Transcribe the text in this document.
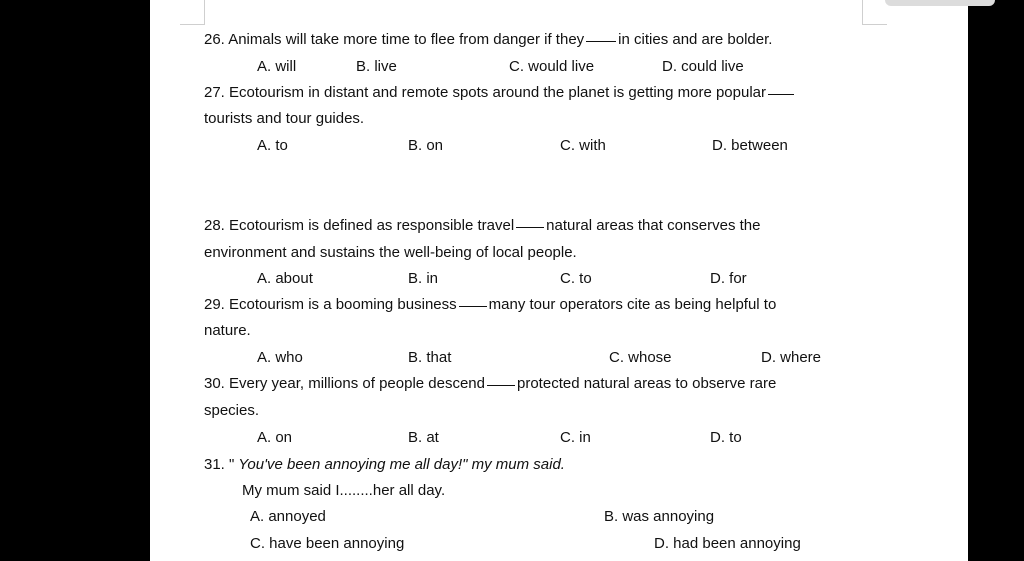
26. Animals will take more time to flee from danger if they in cities and are bolder.
A. will	B. live	C. would live	D. could live
27. Ecotourism in distant and remote spots around the planet is getting more popular
tourists and tour guides.
A. to	B. on	C. with	D. between
28. Ecotourism is defined as responsible travel natural areas that conserves the
environment and sustains the well-being of local people.
A. about	B. in	C. to	D. for
29. Ecotourism is a booming business many tour operators cite as being helpful to
nature.
A. who	B. that	C. whose	D. where
30. Every year, millions of people descend protected natural areas to observe rare
species.
A. on	B. at	C. in	D. to
31. " You've been annoying me all day!" my mum said.
My mum said I........her all day.
A. annoyed	B. was annoying
C. have been annoying	D. had been annoying
